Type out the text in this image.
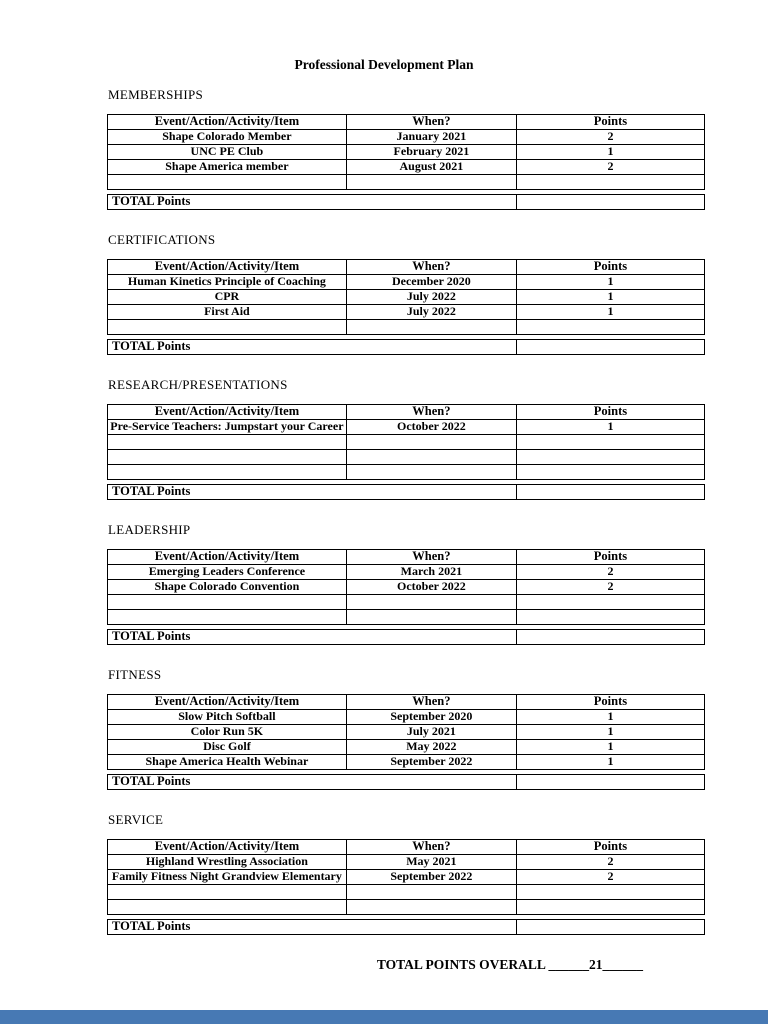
Professional Development Plan
MEMBERSHIPS
Event/Action/Activity/Item	When?	Points
Shape Colorado Member	January 2021	2
UNC PE Club	February 2021	1
Shape America member	August 2021	2

TOTAL Points	
CERTIFICATIONS
Event/Action/Activity/Item	When?	Points
Human Kinetics Principle of Coaching	December 2020	1
CPR	July 2022	1
First Aid	July 2022	1

TOTAL Points	
RESEARCH/PRESENTATIONS
Event/Action/Activity/Item	When?	Points
Pre-Service Teachers: Jumpstart your Career	October 2022	1

TOTAL Points	
LEADERSHIP
Event/Action/Activity/Item	When?	Points
Emerging Leaders Conference	March 2021	2
Shape Colorado Convention	October 2022	2

TOTAL Points	
FITNESS
Event/Action/Activity/Item	When?	Points
Slow Pitch Softball	September 2020	1
Color Run 5K	July 2021	1
Disc Golf	May 2022	1
Shape America Health Webinar	September 2022	1
TOTAL Points	
SERVICE
Event/Action/Activity/Item	When?	Points
Highland Wrestling Association	May 2021	2
Family Fitness Night Grandview Elementary	September 2022	2

TOTAL Points	
TOTAL POINTS OVERALL ______21______
